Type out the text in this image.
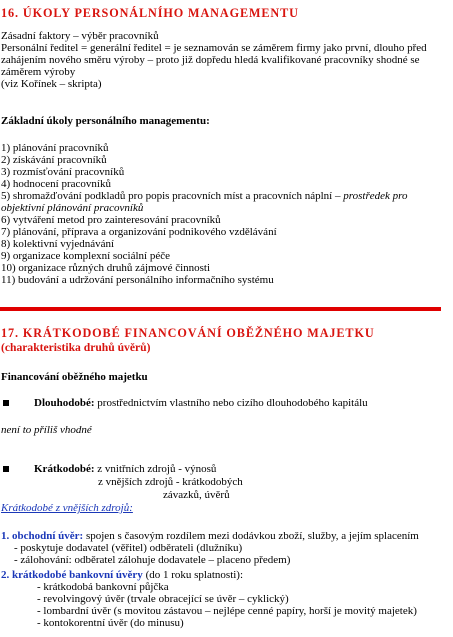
16. ÚKOLY PERSONÁLNÍHO MANAGEMENTU
Zásadní faktory – výběr pracovníků
Personální ředitel = generální ředitel = je seznamován se záměrem firmy jako první, dlouho před zahájením nového směru výroby – proto již dopředu hledá kvalifikované pracovníky shodné se záměrem výroby
(viz Kořínek – skripta)
Základní úkoly personálního managementu:
1) plánování pracovníků
2) získávání pracovníků
3) rozmísťování pracovníků
4) hodnocení pracovníků
5) shromažďování podkladů pro popis pracovních míst a pracovních náplní – prostředek pro objektivní plánování pracovníků
6) vytváření metod pro zainteresování pracovníků
7) plánování, příprava a organizování podnikového vzdělávání
8) kolektivní vyjednávání
9) organizace komplexní sociální péče
10) organizace různých druhů zájmové činnosti
11) budování a udržování personálního informačního systému
17. KRÁTKODOBÉ FINANCOVÁNÍ OBĚŽNÉHO MAJETKU
(charakteristika druhů úvěrů)
Financování oběžného majetku
Dlouhodobé: prostřednictvím vlastního nebo cizího dlouhodobého kapitálu
není to příliš vhodné
Krátkodobé: z vnitřních zdrojů - výnosů
z vnějších zdrojů - krátkodobých
závazků, úvěrů
Krátkodobé z vnějších zdrojů:
1. obchodní úvěr: spojen s časovým rozdílem mezi dodávkou zboží, služby, a jejím splacením
- poskytuje dodavatel (věřitel) odběrateli (dlužníku)
- zálohování: odběratel zálohuje dodavatele – placeno předem)
2. krátkodobé bankovní úvěry (do 1 roku splatnosti):
- krátkodobá bankovní půjčka
- revolvingový úvěr (trvale obracející se úvěr – cyklický)
- lombardní úvěr (s movitou zástavou – nejlépe cenné papíry, horší je movitý majetek)
- kontokorentní úvěr (do minusu)
